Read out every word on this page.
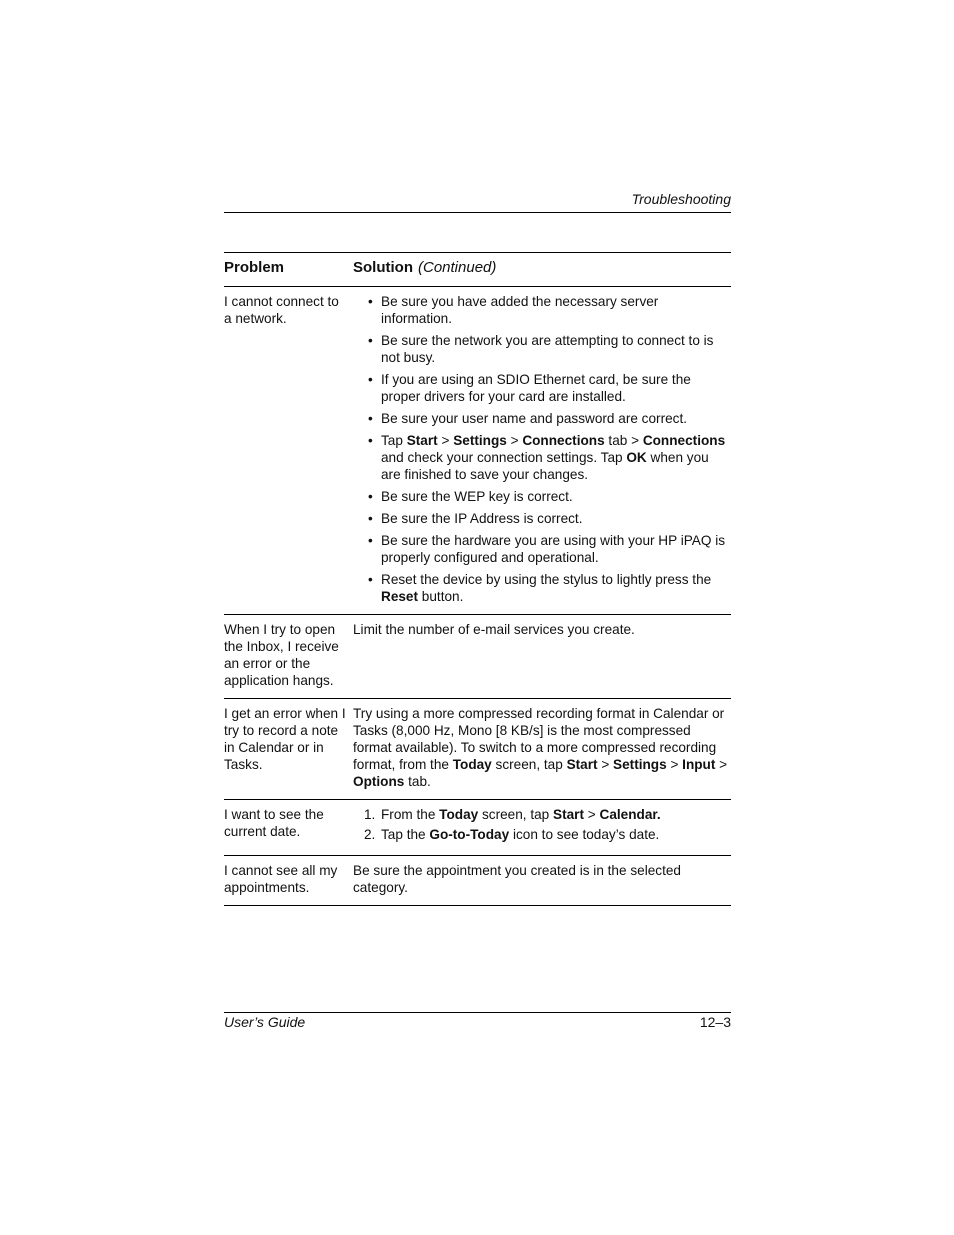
Troubleshooting
Problem	Solution (Continued)
I cannot connect to a network.
• Be sure you have added the necessary server information.
• Be sure the network you are attempting to connect to is not busy.
• If you are using an SDIO Ethernet card, be sure the proper drivers for your card are installed.
• Be sure your user name and password are correct.
• Tap Start > Settings > Connections tab > Connections and check your connection settings. Tap OK when you are finished to save your changes.
• Be sure the WEP key is correct.
• Be sure the IP Address is correct.
• Be sure the hardware you are using with your HP iPAQ is properly configured and operational.
• Reset the device by using the stylus to lightly press the Reset button.
When I try to open the Inbox, I receive an error or the application hangs.
Limit the number of e-mail services you create.
I get an error when I try to record a note in Calendar or in Tasks.
Try using a more compressed recording format in Calendar or Tasks (8,000 Hz, Mono [8 KB/s] is the most compressed format available). To switch to a more compressed recording format, from the Today screen, tap Start > Settings > Input > Options tab.
I want to see the current date.
1. From the Today screen, tap Start > Calendar.
2. Tap the Go-to-Today icon to see today’s date.
I cannot see all my appointments.
Be sure the appointment you created is in the selected category.
User’s Guide	12–3
